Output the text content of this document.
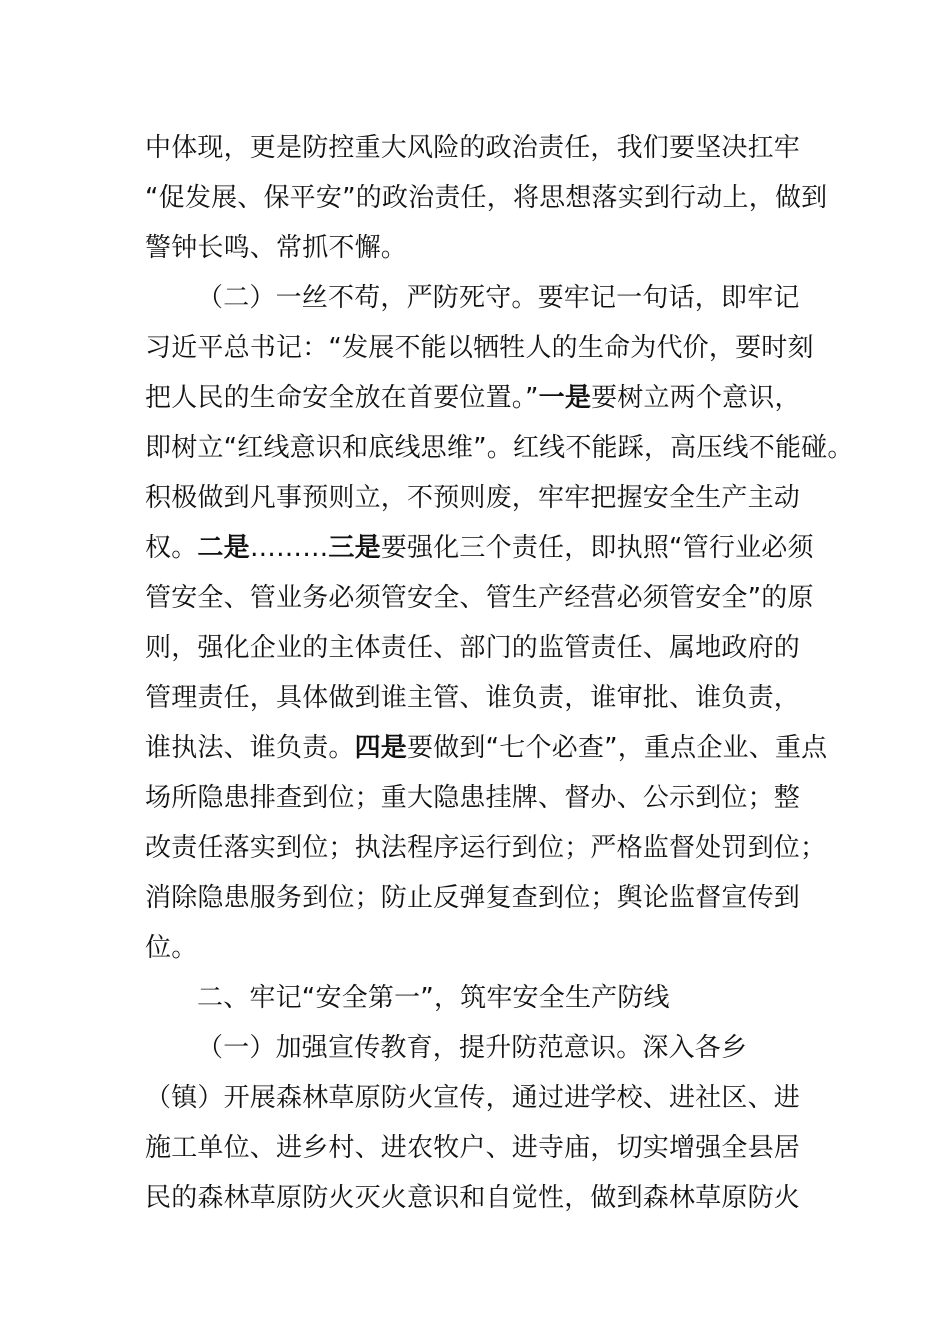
中体现，更是防控重大风险的政治责任，我们要坚决扛牢
“促发展、保平安”的政治责任，将思想落实到行动上，做到
警钟长鸣、常抓不懈。
（二）一丝不苟，严防死守。要牢记一句话，即牢记
习近平总书记：“发展不能以牺牲人的生命为代价，要时刻
把人民的生命安全放在首要位置。”一是要树立两个意识，
即树立“红线意识和底线思维”。红线不能踩，高压线不能碰。
积极做到凡事预则立，不预则废，牢牢把握安全生产主动
权。二是………三是要强化三个责任，即执照“管行业必须
管安全、管业务必须管安全、管生产经营必须管安全”的原
则，强化企业的主体责任、部门的监管责任、属地政府的
管理责任，具体做到谁主管、谁负责，谁审批、谁负责，
谁执法、谁负责。四是要做到“七个必查”，重点企业、重点
场所隐患排查到位；重大隐患挂牌、督办、公示到位；整
改责任落实到位；执法程序运行到位；严格监督处罚到位；
消除隐患服务到位；防止反弹复查到位；舆论监督宣传到
位。
二、牢记“安全第一”，筑牢安全生产防线
（一）加强宣传教育，提升防范意识。深入各乡
（镇）开展森林草原防火宣传，通过进学校、进社区、进
施工单位、进乡村、进农牧户、进寺庙，切实增强全县居
民的森林草原防火灭火意识和自觉性，做到森林草原防火
